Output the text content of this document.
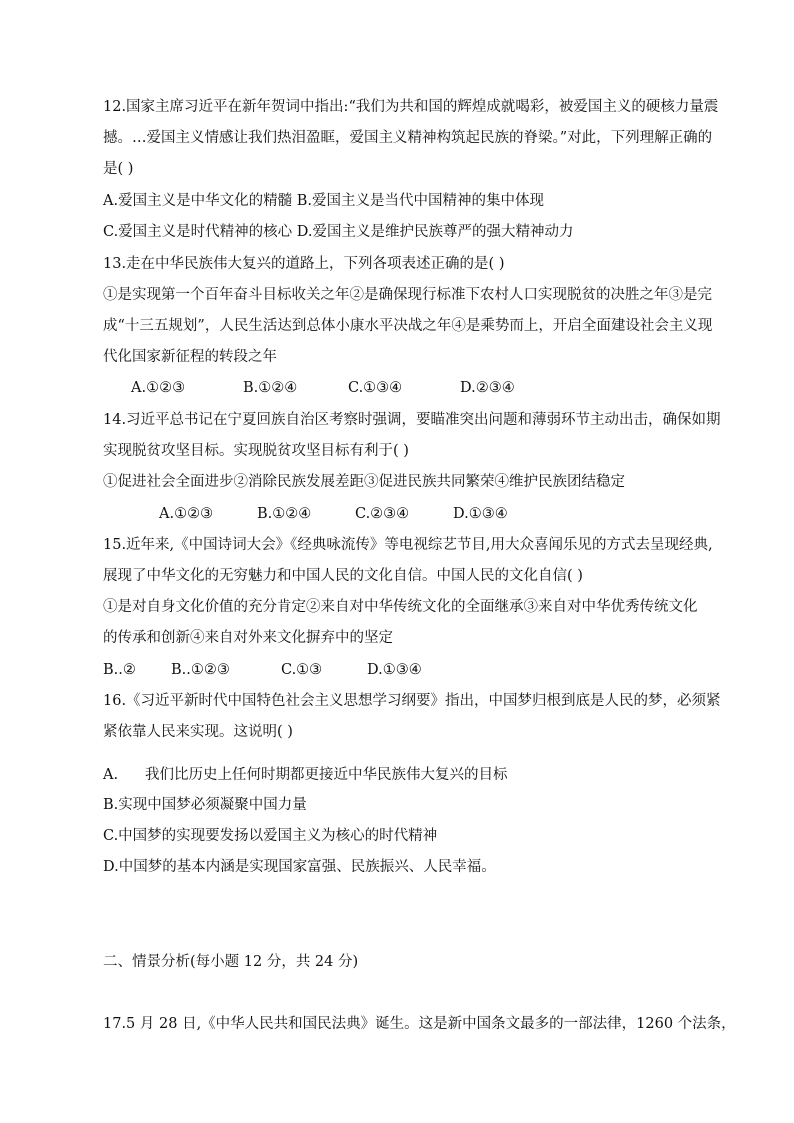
12.国家主席习近平在新年贺词中指出:“我们为共和国的辉煌成就喝彩，被爱国主义的硬核力量震
撼。…爱国主义情感让我们热泪盈眶，爱国主义精神构筑起民族的脊梁。”对此，下列理解正确的
是( )
A.爱国主义是中华文化的精髓 B.爱国主义是当代中国精神的集中体现
C.爱国主义是时代精神的核心 D.爱国主义是维护民族尊严的强大精神动力
13.走在中华民族伟大复兴的道路上，下列各项表述正确的是( )
①是实现第一个百年奋斗目标收关之年②是确保现行标准下农村人口实现脱贫的决胜之年③是完
成“十三五规划”，人民生活达到总体小康水平决战之年④是乘势而上，开启全面建设社会主义现
代化国家新征程的转段之年
A.①②③	B.①②④	C.①③④	D.②③④
14.习近平总书记在宁夏回族自治区考察时强调，要瞄准突出问题和薄弱环节主动出击，确保如期
实现脱贫攻坚目标。实现脱贫攻坚目标有利于( )
①促进社会全面进步②消除民族发展差距③促进民族共同繁荣④维护民族团结稳定
A.①②③	B.①②④	C.②③④	D.①③④
15.近年来,《中国诗词大会》《经典咏流传》等电视综艺节目,用大众喜闻乐见的方式去呈现经典,
展现了中华文化的无穷魅力和中国人民的文化自信。中国人民的文化自信( )
①是对自身文化价值的充分肯定②来自对中华传统文化的全面继承③来自对中华优秀传统文化
的传承和创新④来自对外来文化摒弃中的坚定
B..② B..①②③	C.①③	D.①③④
16.《习近平新时代中国特色社会主义思想学习纲要》指出，中国梦归根到底是人民的梦，必须紧
紧依靠人民来实现。这说明( )
A. 我们比历史上任何时期都更接近中华民族伟大复兴的目标
B.实现中国梦必须凝聚中国力量
C.中国梦的实现要发扬以爱国主义为核心的时代精神
D.中国梦的基本内涵是实现国家富强、民族振兴、人民幸福。
二、情景分析(每小题 12 分，共 24 分)
17.5 月 28 日,《中华人民共和国民法典》诞生。这是新中国条文最多的一部法律，1260 个法条，
